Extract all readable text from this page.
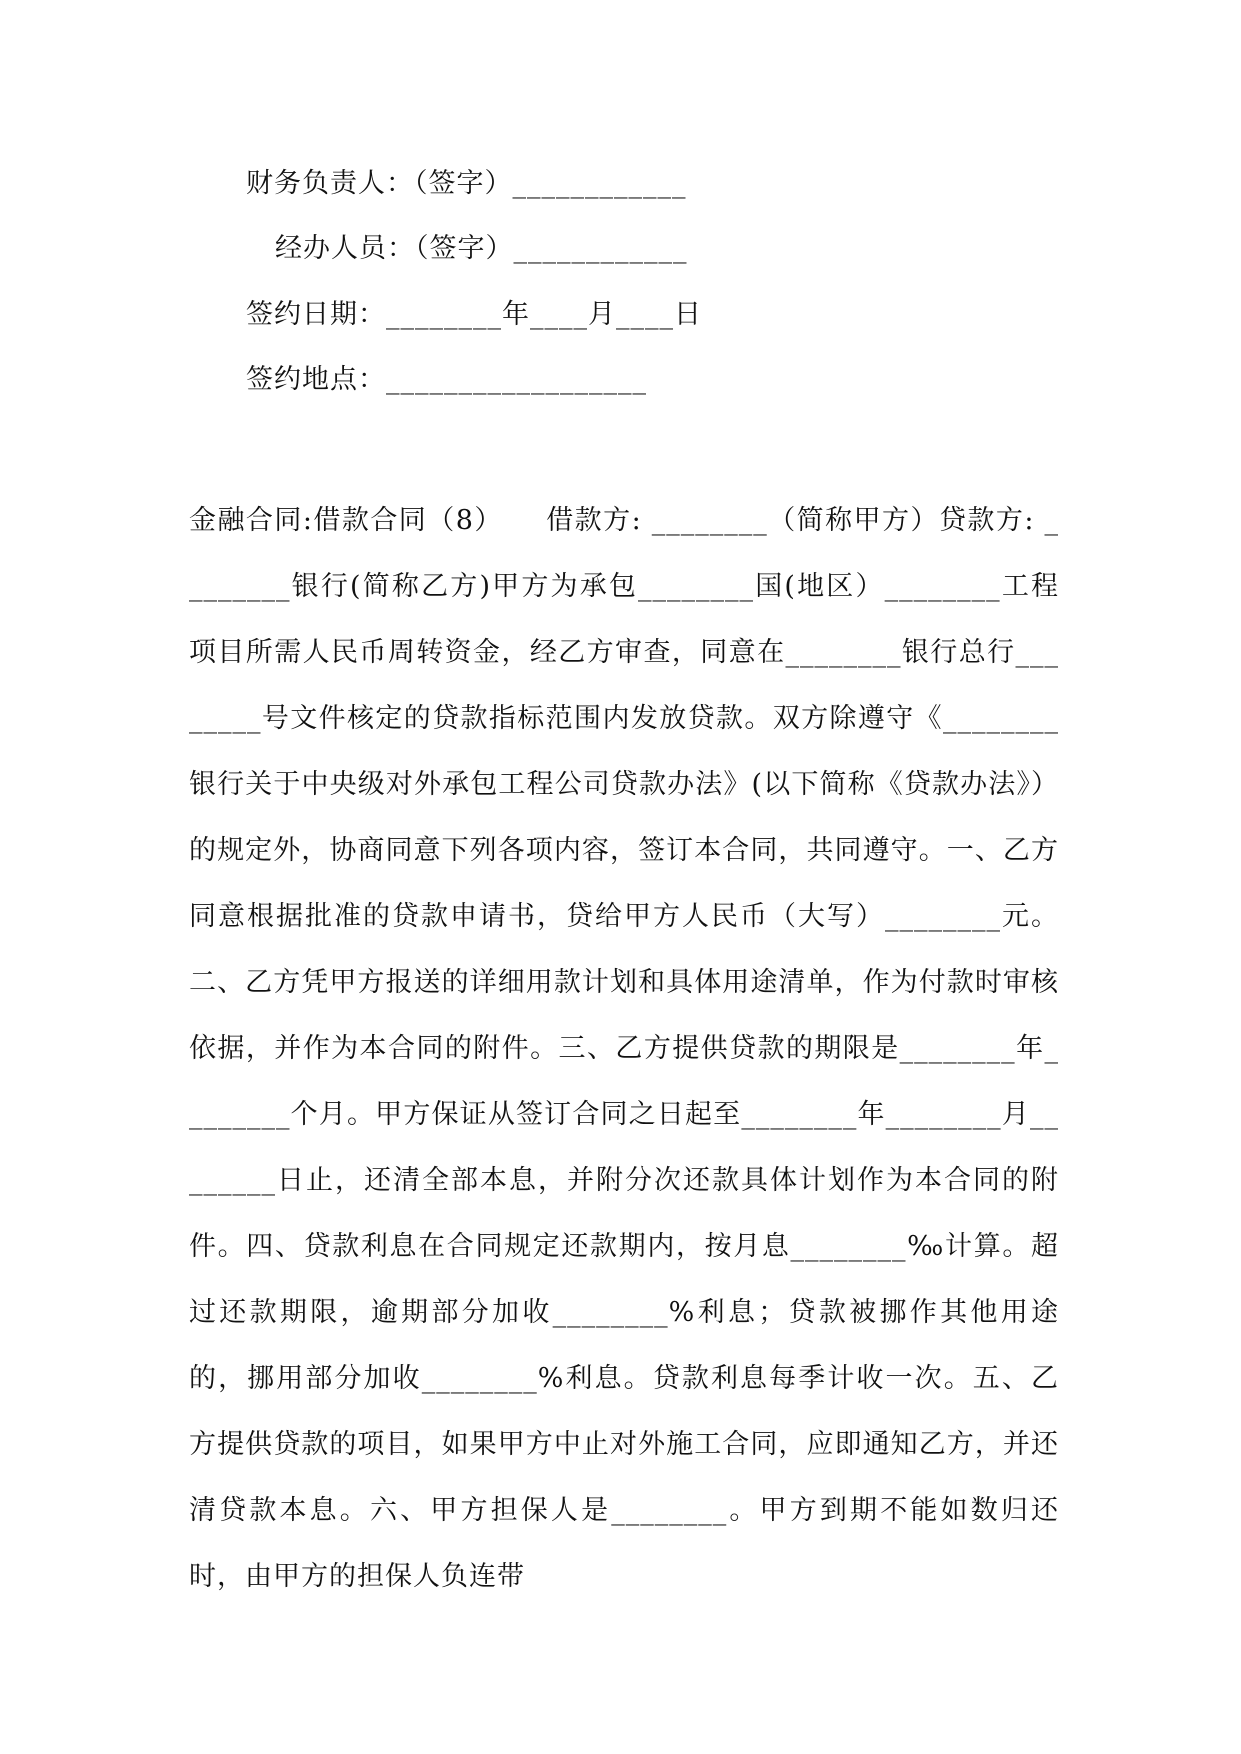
财务负责人：（签字）____________
经办人员：（签字）____________
签约日期：________年____月____日
签约地点：__________________

金融合同:借款合同（8）　　借款方: ________（简称甲方）贷款方: ________银行(简称乙方)甲方为承包________国(地区）________工程项目所需人民币周转资金，经乙方审查，同意在________银行总行________号文件核定的贷款指标范围内发放贷款。双方除遵守《________银行关于中央级对外承包工程公司贷款办法》(以下简称《贷款办法》）的规定外，协商同意下列各项内容，签订本合同，共同遵守。一、乙方同意根据批准的贷款申请书，贷给甲方人民币（大写）________元。二、乙方凭甲方报送的详细用款计划和具体用途清单，作为付款时审核依据，并作为本合同的附件。三、乙方提供贷款的期限是________年________个月。甲方保证从签订合同之日起至________年________月________日止，还清全部本息，并附分次还款具体计划作为本合同的附件。四、贷款利息在合同规定还款期内，按月息________‰计算。超过还款期限，逾期部分加收________%利息；贷款被挪作其他用途的，挪用部分加收________%利息。贷款利息每季计收一次。五、乙方提供贷款的项目，如果甲方中止对外施工合同，应即通知乙方，并还清贷款本息。六、甲方担保人是________。甲方到期不能如数归还时，由甲方的担保人负连带
